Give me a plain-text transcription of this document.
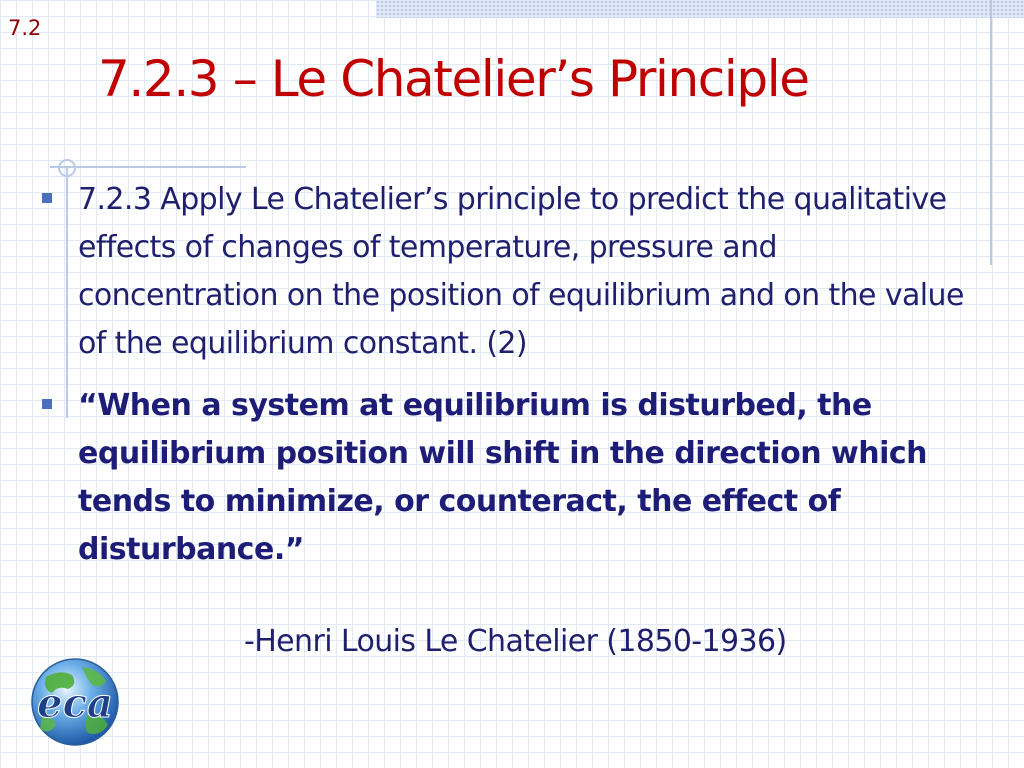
7.2
7.2.3 – Le Chatelier’s Principle
7.2.3 Apply Le Chatelier’s principle to predict the qualitative effects of changes of temperature, pressure and concentration on the position of equilibrium and on the value of the equilibrium constant. (2)
“When a system at equilibrium is disturbed, the equilibrium position will shift in the direction which tends to minimize, or counteract, the effect of disturbance.”
-Henri Louis Le Chatelier (1850-1936)
eca
